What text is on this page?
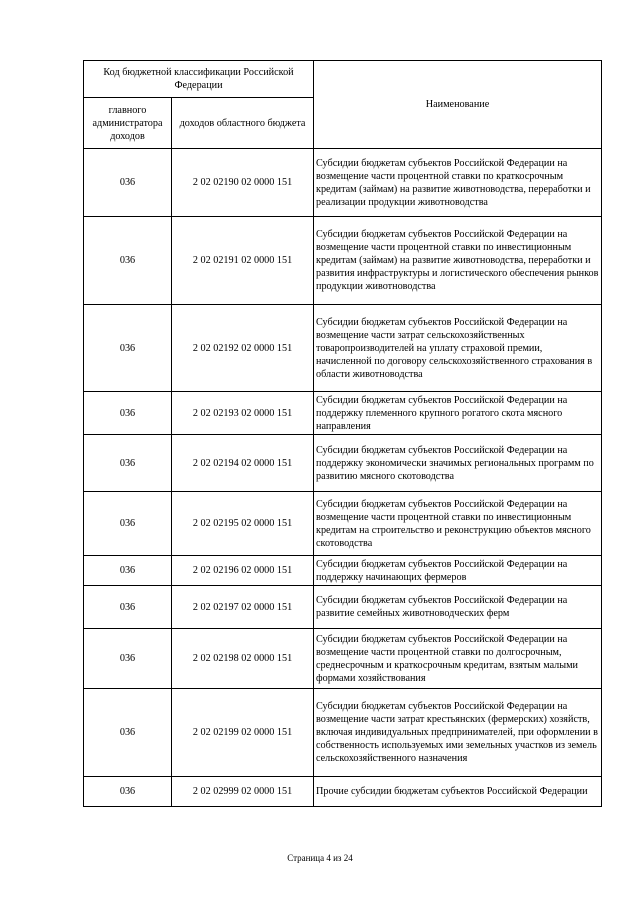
Код бюджетной классификации Российской Федерации		Наименование
главного администратора доходов	доходов областного бюджета	
036	2 02 02190 02 0000 151	Субсидии бюджетам субъектов Российской Федерации на возмещение части процентной ставки по краткосрочным кредитам (займам) на развитие животноводства, переработки и реализации продукции животноводства
036	2 02 02191 02 0000 151	Субсидии бюджетам субъектов Российской Федерации на возмещение части процентной ставки по инвестиционным кредитам (займам) на развитие животноводства, переработки и развития инфраструктуры и логистического обеспечения рынков продукции животноводства
036	2 02 02192 02 0000 151	Субсидии бюджетам субъектов Российской Федерации на возмещение части затрат сельскохозяйственных товаропроизводителей на уплату страховой премии, начисленной по договору сельскохозяйственного страхования в области животноводства
036	2 02 02193 02 0000 151	Субсидии бюджетам субъектов Российской Федерации на поддержку племенного крупного рогатого скота мясного направления
036	2 02 02194 02 0000 151	Субсидии бюджетам субъектов Российской Федерации на поддержку экономически значимых региональных программ по развитию мясного скотоводства
036	2 02 02195 02 0000 151	Субсидии бюджетам субъектов Российской Федерации на возмещение части процентной ставки по инвестиционным кредитам на строительство и реконструкцию объектов мясного скотоводства
036	2 02 02196 02 0000 151	Субсидии бюджетам субъектов Российской Федерации на поддержку начинающих фермеров
036	2 02 02197 02 0000 151	Субсидии бюджетам субъектов Российской Федерации на развитие семейных животноводческих ферм
036	2 02 02198 02 0000 151	Субсидии бюджетам субъектов Российской Федерации на возмещение части процентной ставки по долгосрочным, среднесрочным и краткосрочным кредитам, взятым малыми формами хозяйствования
036	2 02 02199 02 0000 151	Субсидии бюджетам субъектов Российской Федерации на возмещение части затрат крестьянских (фермерских) хозяйств, включая индивидуальных предпринимателей, при оформлении в собственность используемых ими земельных участков из земель сельскохозяйственного назначения
036	2 02 02999 02 0000 151	Прочие субсидии бюджетам субъектов Российской Федерации
Страница 4 из 24
